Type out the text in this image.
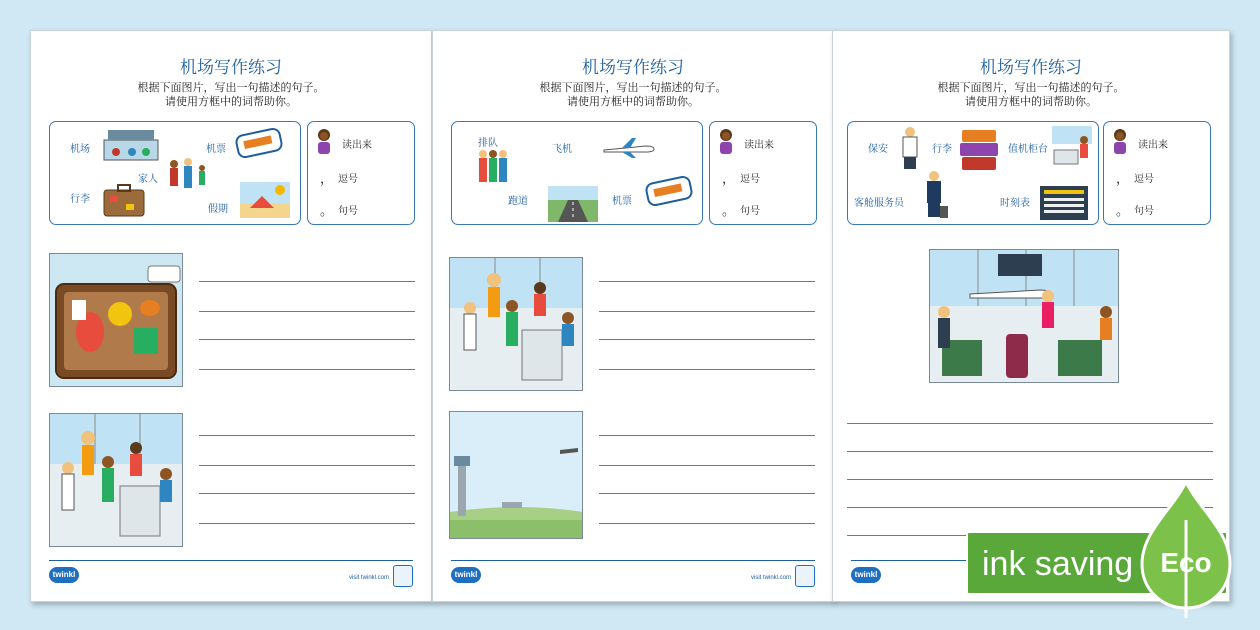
机场写作练习
根据下面图片，写出一句描述的句子。
请使用方框中的词帮助你。
机场	机票
家人
行李
假期
读出来
， 逗号
。 句号
twinkl	visit twinkl.com
机场写作练习
根据下面图片，写出一句描述的句子。
请使用方框中的词帮助你。
排队
飞机
跑道	机票
读出来
， 逗号
。 句号
twinkl	visit twinkl.com
机场写作练习
根据下面图片，写出一句描述的句子。
请使用方框中的词帮助你。
保安	行李	值机柜台
客舱服务员	时刻表
读出来
， 逗号
。 句号
twinkl	ink saving Eco
